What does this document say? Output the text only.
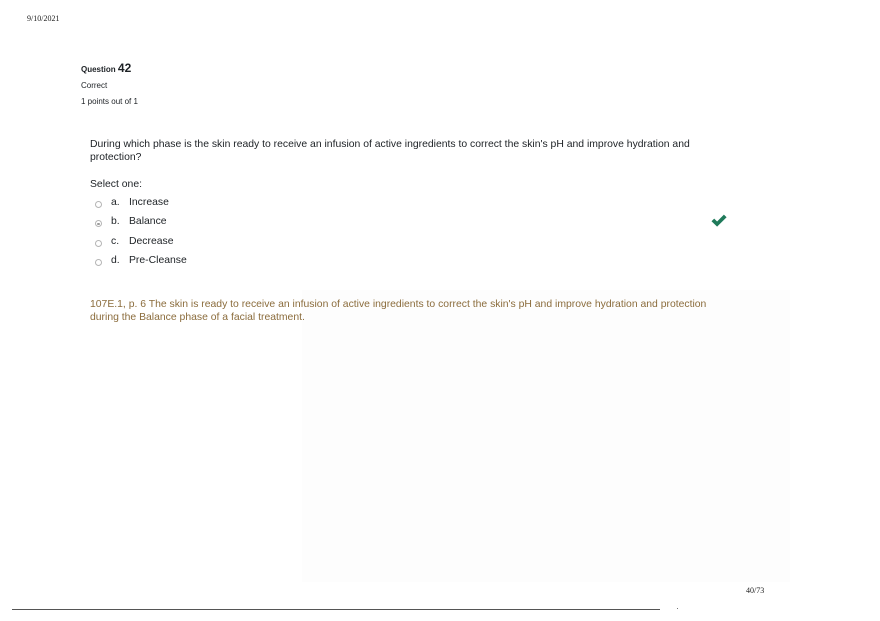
9/10/2021
Question 42
Correct
1 points out of 1
During which phase is the skin ready to receive an infusion of active ingredients to correct the skin's pH and improve hydration and protection?
Select one:
a. Increase
b. Balance
c. Decrease
d. Pre-Cleanse
107E.1, p. 6 The skin is ready to receive an infusion of active ingredients to correct the skin's pH and improve hydration and protection during the Balance phase of a facial treatment.
40/73
